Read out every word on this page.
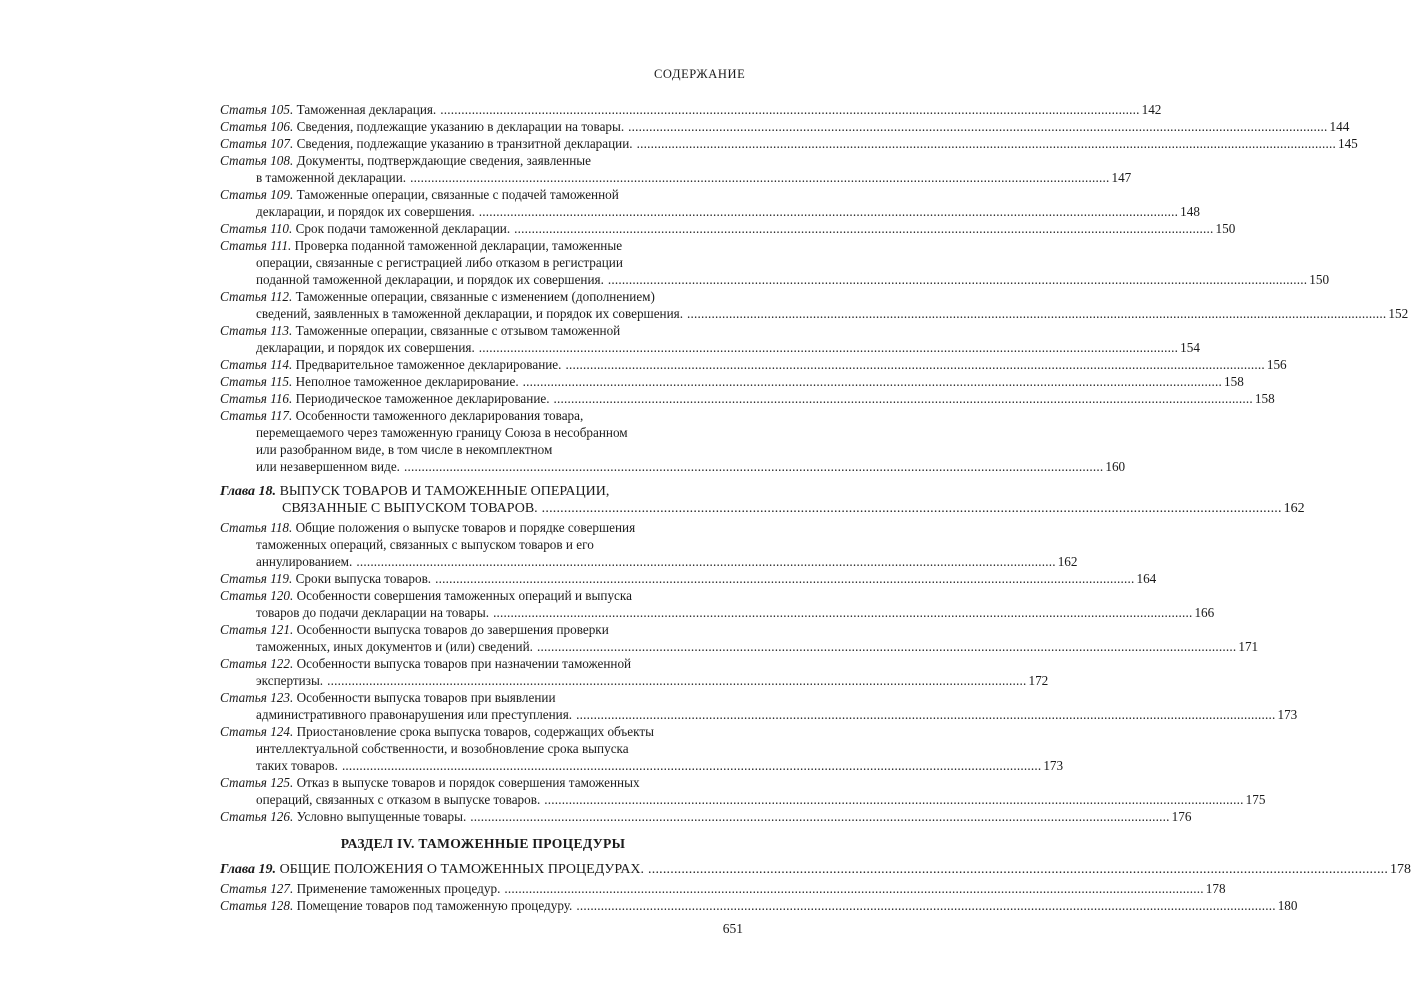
СОДЕРЖАНИЕ
Статья 105. Таможенная декларация. ........................................................................................................................................................................................................ 142
Статья 106. Сведения, подлежащие указанию в декларации на товары. ........................................................................................................................................................................................................ 144
Статья 107. Сведения, подлежащие указанию в транзитной декларации. ........................................................................................................................................................................................................ 145
Статья 108. Документы, подтверждающие сведения, заявленные
в таможенной декларации. ........................................................................................................................................................................................................ 147
Статья 109. Таможенные операции, связанные с подачей таможенной
декларации, и порядок их совершения. ........................................................................................................................................................................................................ 148
Статья 110. Срок подачи таможенной декларации. ........................................................................................................................................................................................................ 150
Статья 111. Проверка поданной таможенной декларации, таможенные
операции, связанные с регистрацией либо отказом в регистрации
поданной таможенной декларации, и порядок их совершения. ........................................................................................................................................................................................................ 150
Статья 112. Таможенные операции, связанные с изменением (дополнением)
сведений, заявленных в таможенной декларации, и порядок их совершения. ........................................................................................................................................................................................................ 152
Статья 113. Таможенные операции, связанные с отзывом таможенной
декларации, и порядок их совершения. ........................................................................................................................................................................................................ 154
Статья 114. Предварительное таможенное декларирование. ........................................................................................................................................................................................................ 156
Статья 115. Неполное таможенное декларирование. ........................................................................................................................................................................................................ 158
Статья 116. Периодическое таможенное декларирование. ........................................................................................................................................................................................................ 158
Статья 117. Особенности таможенного декларирования товара,
перемещаемого через таможенную границу Союза в несобранном
или разобранном виде, в том числе в некомплектном
или незавершенном виде. ........................................................................................................................................................................................................ 160
Глава 18. ВЫПУСК ТОВАРОВ И ТАМОЖЕННЫЕ ОПЕРАЦИИ,
СВЯЗАННЫЕ С ВЫПУСКОМ ТОВАРОВ. ........................................................................................................................................................................................................ 162
Статья 118. Общие положения о выпуске товаров и порядке совершения
таможенных операций, связанных с выпуском товаров и его
аннулированием. ........................................................................................................................................................................................................ 162
Статья 119. Сроки выпуска товаров. ........................................................................................................................................................................................................ 164
Статья 120. Особенности совершения таможенных операций и выпуска
товаров до подачи декларации на товары. ........................................................................................................................................................................................................ 166
Статья 121. Особенности выпуска товаров до завершения проверки
таможенных, иных документов и (или) сведений. ........................................................................................................................................................................................................ 171
Статья 122. Особенности выпуска товаров при назначении таможенной
экспертизы. ........................................................................................................................................................................................................ 172
Статья 123. Особенности выпуска товаров при выявлении
административного правонарушения или преступления. ........................................................................................................................................................................................................ 173
Статья 124. Приостановление срока выпуска товаров, содержащих объекты
интеллектуальной собственности, и возобновление срока выпуска
таких товаров. ........................................................................................................................................................................................................ 173
Статья 125. Отказ в выпуске товаров и порядок совершения таможенных
операций, связанных с отказом в выпуске товаров. ........................................................................................................................................................................................................ 175
Статья 126. Условно выпущенные товары. ........................................................................................................................................................................................................ 176
РАЗДЕЛ IV. ТАМОЖЕННЫЕ ПРОЦЕДУРЫ
Глава 19. ОБЩИЕ ПОЛОЖЕНИЯ О ТАМОЖЕННЫХ ПРОЦЕДУРАХ. ........................................................................................................................................................................................................ 178
Статья 127. Применение таможенных процедур. ........................................................................................................................................................................................................ 178
Статья 128. Помещение товаров под таможенную процедуру. ........................................................................................................................................................................................................ 180
651
